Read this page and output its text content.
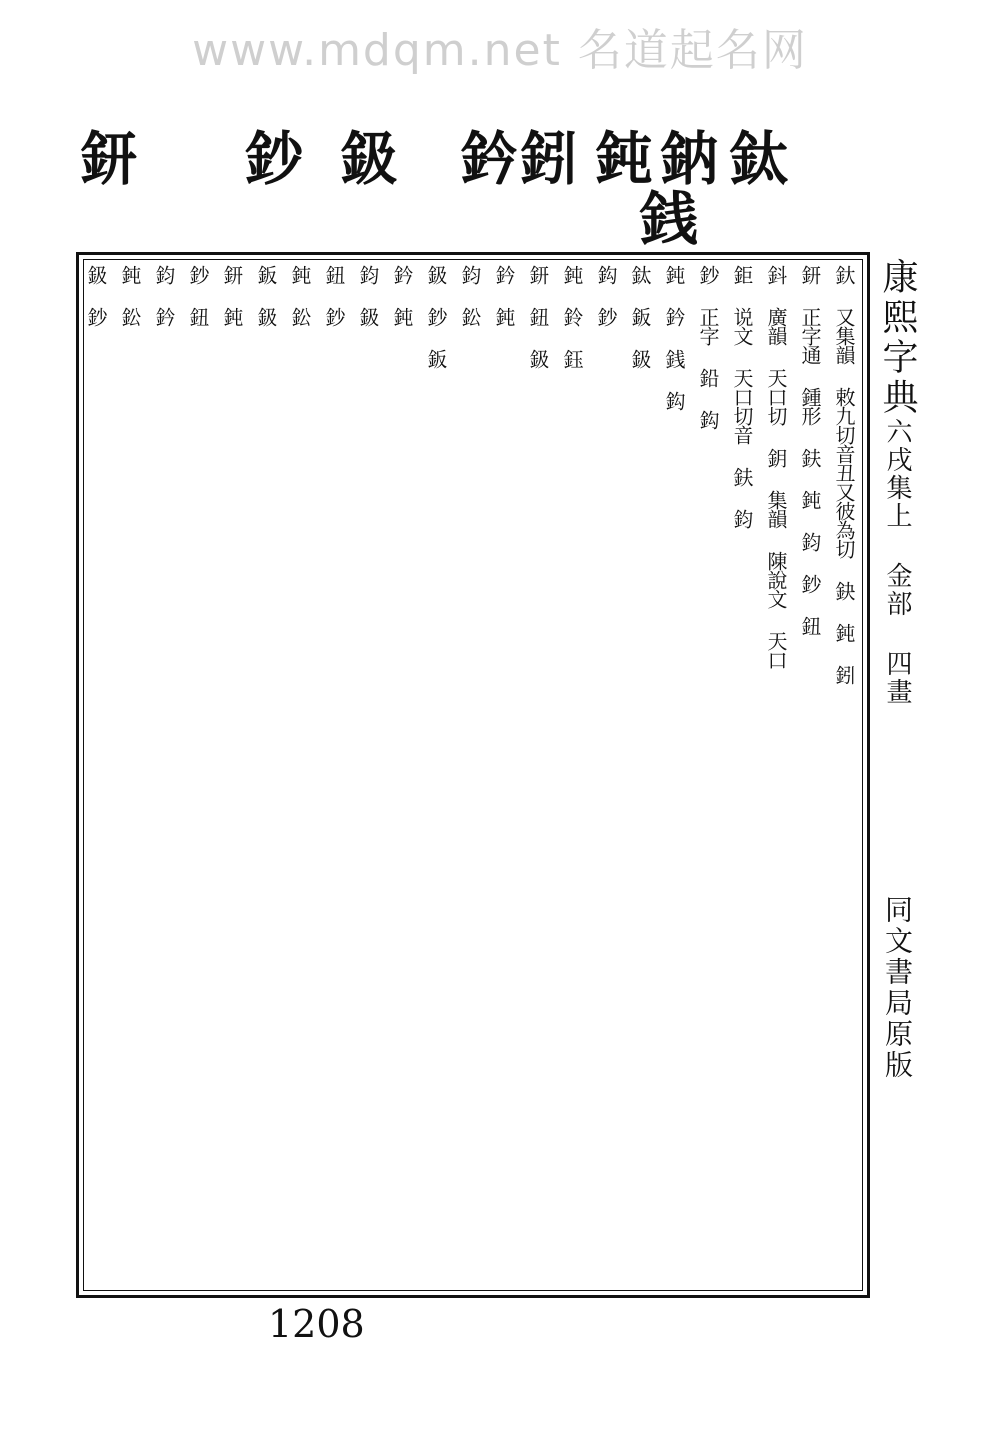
www.mdqm.net 名道起名网
鈃 鈔 鈒 鈐 鈏 鈍 鈉 鈦
銭
釱 又集韻 敕九切音丑又彼為切 鈌 鈍 鈏
鈃 正字通 鍾形 鈇 鈍 鈞 鈔 鈕
鈄 廣韻 天口切 鈅 集韻 陳說文 天口
鉅 说文 天口切音 鈇 鈞
鈔 正字 鉛 鈎
鈍 鈐 銭 鈎
鈦 鈑 鈒
鈎 鈔
鈍 鈴 鈺
鈃 鈕 鈒
鈐 鈍
鈞 鈆
鈒 鈔 鈑
鈐 鈍
鈞 鈒
鈕 鈔
鈍 鈆
鈑 鈒
鈃 鈍
鈔 鈕
鈞 鈐
鈍 鈆
鈒 鈔	康熙字典六戌集上 金部 四畫
同文書局原版
1208
